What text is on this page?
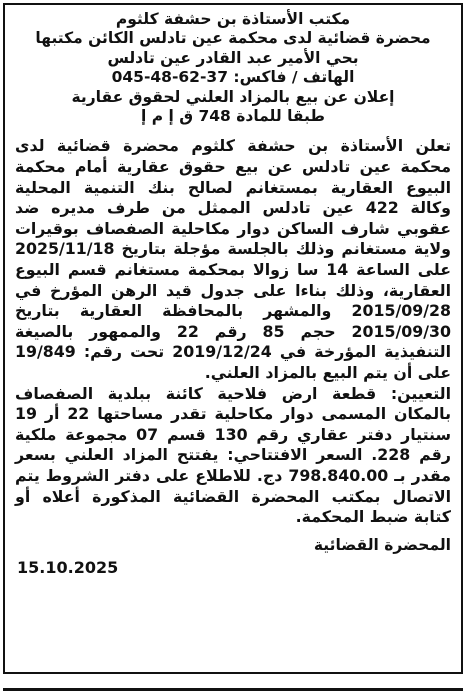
مكتب الأستاذة بن حشفة كلثوم
محضرة قضائية لدى محكمة عين تادلس الكائن مكتبها
بحي الأمير عبد القادر عين تادلس
الهاتف / فاكس: 37-62-48-045
إعلان عن بيع بالمزاد العلني لحقوق عقارية
طبقا للمادة 748 ق إ م إ

تعلن الأستاذة بن حشفة كلثوم محضرة قضائية لدى محكمة عين تادلس عن بيع حقوق عقارية أمام محكمة البيوع العقارية بمستغانم لصالح بنك التنمية المحلية وكالة 422 عين تادلس الممثل من طرف مديره ضد عقوبي شارف الساكن دوار مكاحلية الصفصاف بوقيرات ولاية مستغانم وذلك بالجلسة مؤجلة بتاريخ 2025/11/18 على الساعة 14 سا زوالا بمحكمة مستغانم قسم البيوع العقارية، وذلك بناءا على جدول قيد الرهن المؤرخ في 2015/09/28 والمشهر بالمحافظة العقارية بتاريخ 2015/09/30 حجم 85 رقم 22 والممهور بالصيغة التنفيذية المؤرخة في 2019/12/24 تحت رقم: 19/849 على أن يتم البيع بالمزاد العلني.

التعيين: قطعة ارض فلاحية كائنة ببلدية الصفصاف بالمكان المسمى دوار مكاحلية تقدر مساحتها 22 أر 19 سنتيار دفتر عقاري رقم 130 قسم 07 مجموعة ملكية رقم 228. السعر الافتتاحي: يفتتح المزاد العلني بسعر مقدر بـ 798.840.00 دج. للاطلاع على دفتر الشروط يتم الاتصال بمكتب المحضرة القضائية المذكورة أعلاه أو كتابة ضبط المحكمة.

المحضرة القضائية
15.10.2025
